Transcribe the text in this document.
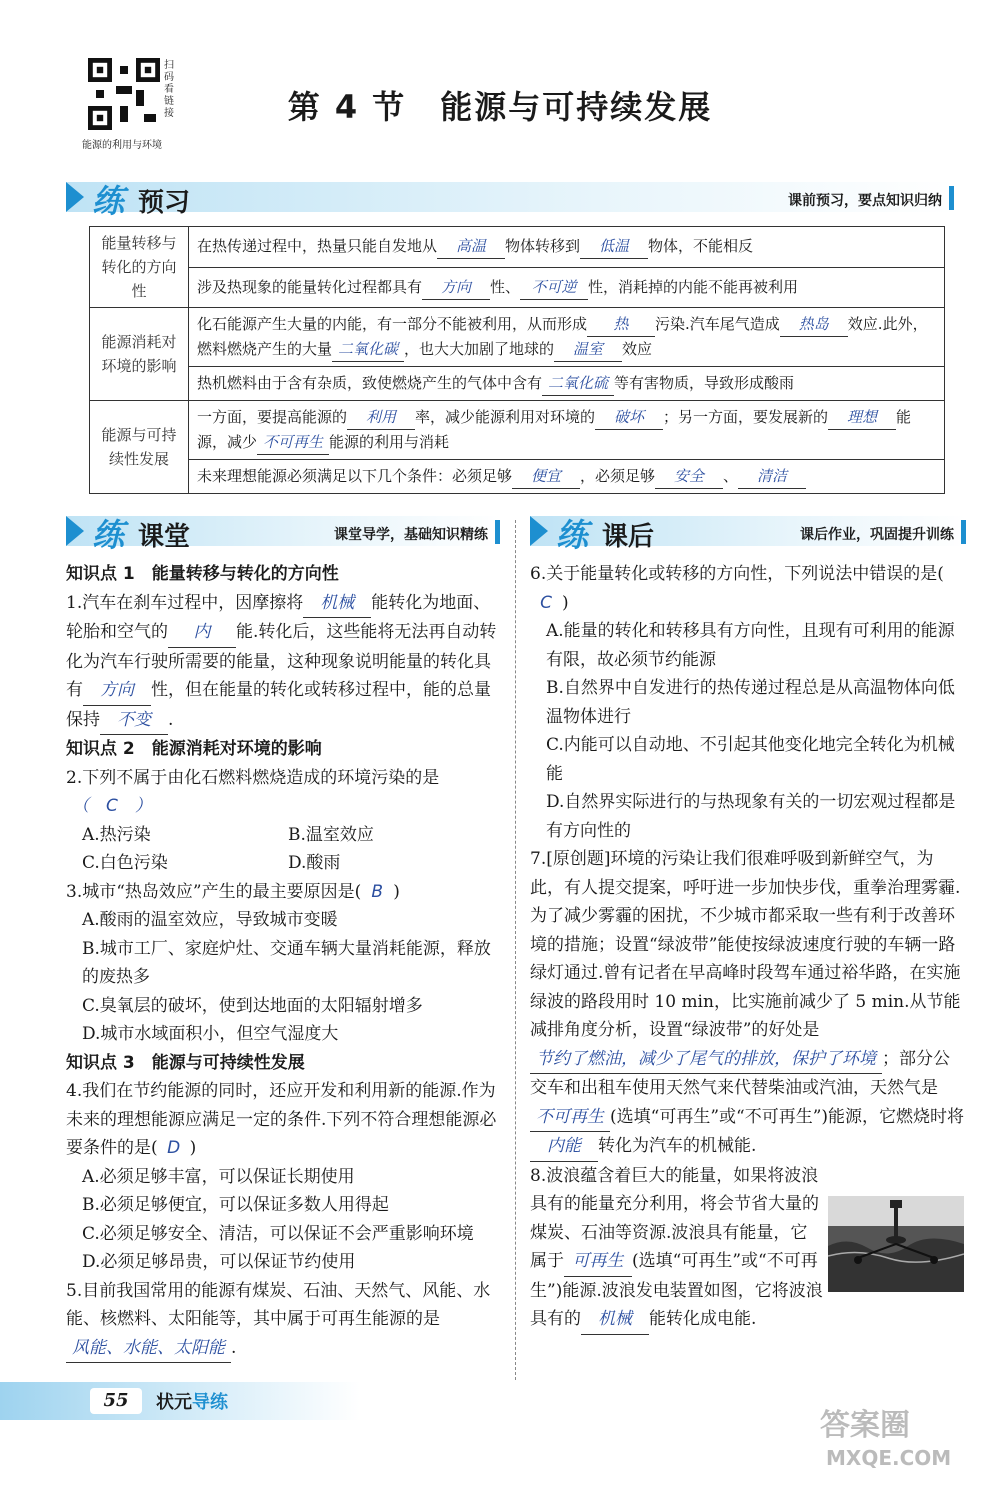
扫码看链接
能源的利用与环境
第 4 节　能源与可持续发展
练 预习	课前预习，要点知识归纳
能量转移与转化的方向性	在热传递过程中，热量只能自发地从 高温 物体转移到 低温 物体，不能相反
	涉及热现象的能量转化过程都具有 方向 性、 不可逆 性，消耗掉的内能不能再被利用
能源消耗对环境的影响	化石能源产生大量的内能，有一部分不能被利用，从而形成 热 污染.汽车尾气造成 热岛 效应.此外，燃料燃烧产生的大量 二氧化碳 ，也大大加剧了地球的 温室 效应
	热机燃料由于含有杂质，致使燃烧产生的气体中含有 二氧化硫 等有害物质，导致形成酸雨
能源与可持续性发展	一方面，要提高能源的 利用 率，减少能源利用对环境的 破坏 ；另一方面，要发展新的 理想 能源，减少 不可再生 能源的利用与消耗
	未来理想能源必须满足以下几个条件：必须足够 便宜 ，必须足够 安全 、 清洁
练 课堂	课堂导学，基础知识精练 练 课后	课后作业，巩固提升训练

知识点 1　能量转移与转化的方向性

1.汽车在刹车过程中，因摩擦将 机械 能转化为地面、轮胎和空气的 内 能.转化后，这些能将无法再自动转化为汽车行驶所需要的能量，这种现象说明能量的转化具有 方向 性，但在能量的转化或转移过程中，能的总量保持 不变 .

知识点 2　能源消耗对环境的影响

2.下列不属于由化石燃料燃烧造成的环境污染的是（　C　）

A.热污染	B.温室效应
C.白色污染	D.酸雨

3.城市“热岛效应”产生的最主要原因是( B )

A.酸雨的温室效应，导致城市变暖

B.城市工厂、家庭炉灶、交通车辆大量消耗能源，释放的废热多

C.臭氧层的破坏，使到达地面的太阳辐射增多

D.城市水域面积小，但空气湿度大

知识点 3　能源与可持续性发展

4.我们在节约能源的同时，还应开发和利用新的能源.作为未来的理想能源应满足一定的条件.下列不符合理想能源必要条件的是( D )

A.必须足够丰富，可以保证长期使用

B.必须足够便宜，可以保证多数人用得起

C.必须足够安全、清洁，可以保证不会严重影响环境

D.必须足够昂贵，可以保证节约使用

5.目前我国常用的能源有煤炭、石油、天然气、风能、水能、核燃料、太阳能等，其中属于可再生能源的是风能、水能、太阳能 .

6.关于能量转化或转移的方向性，下列说法中错误的是(C )

A.能量的转化和转移具有方向性，且现有可利用的能源有限，故必须节约能源

B.自然界中自发进行的热传递过程总是从高温物体向低温物体进行

C.内能可以自动地、不引起其他变化地完全转化为机械能

D.自然界实际进行的与热现象有关的一切宏观过程都是有方向性的

7.[原创题]环境的污染让我们很难呼吸到新鲜空气，为此，有人提交提案，呼吁进一步加快步伐，重拳治理雾霾.为了减少雾霾的困扰，不少城市都采取一些有利于改善环境的措施；设置“绿波带”能使按绿波速度行驶的车辆一路绿灯通过.曾有记者在早高峰时段驾车通过裕华路，在实施绿波的路段用时 10 min，比实施前减少了 5 min.从节能减排角度分析，设置“绿波带”的好处是节约了燃油，减少了尾气的排放，保护了环境 ；部分公交车和出租车使用天然气来代替柴油或汽油，天然气是不可再生 (选填“可再生”或“不可再生”)能源，它燃烧时将内能 转化为汽车的机械能.

8.波浪蕴含着巨大的能量，如果将波浪具有的能量充分利用，将会节省大量的煤炭、石油等资源.波浪具有能量，它属于 可再生 (选填“可再生”或“不可再生”)能源.波浪发电装置如图，它将波浪具有的 机械 能转化成电能.

55	状元导练
答案圈
MXQE.COM
